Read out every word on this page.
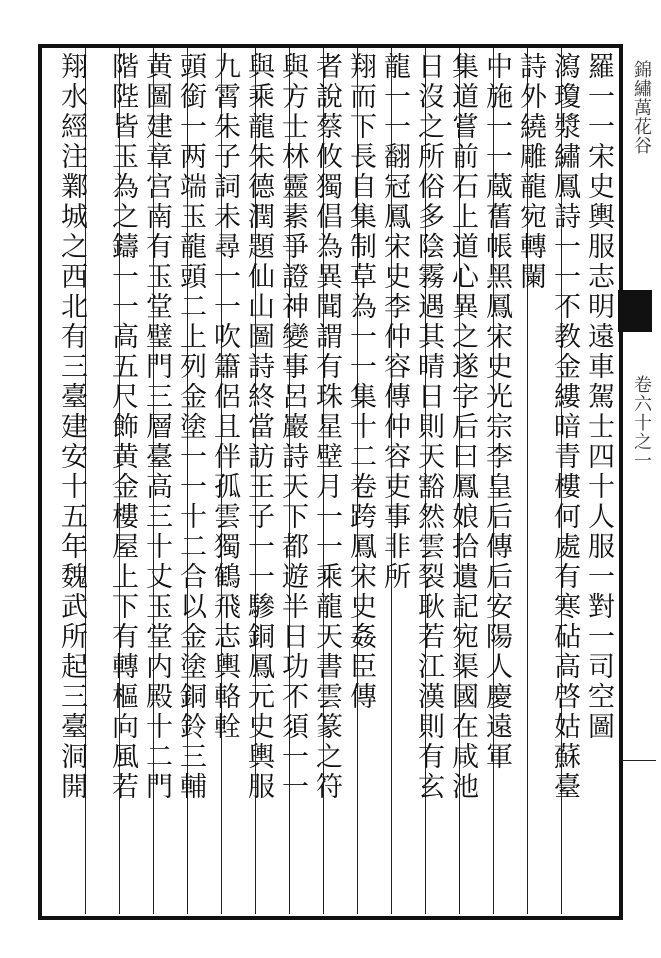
錦繡萬花谷
卷六十之一
羅一一宋史輿服志明遠車駕士四十人服一對一司空圖
瀉瓊漿繡鳳詩一一不教金縷暗青樓何處有寒砧高啓姑蘇臺
詩外繞雕龍宛轉闌
中施一一蔵𦾔帳黑鳳宋史光宗李皇后傳后安陽人慶遠軍
集道嘗前石上道心異之遂字后曰鳳娘拾遺記宛渠國在咸池
日沒之所俗多陰霧遇其晴日則天豁然雲裂耿若江漢則有玄
龍一一翻冠鳳宋史李仲容傳仲容吏事非所
翔而下長自集制草為一一集十二卷跨鳳宋史姦臣傳
者說蔡攸獨倡為異聞謂有珠星壁月一一乘龍天書雲篆之符
與方士林靈素爭證神變事呂巖詩天下都遊半日功不須一一
與乘龍朱德潤題仙山圖詩終當訪王子一一驂銅鳳元史輿服
九霄朱子詞未尋一一吹簫侶且伴孤雲獨鶴飛志輿輅輇
頭銜一两端玉龍頭二上列金塗一一十二合以金塗銅鈴三輔
黄圖建章宫南有玉堂璧門三層臺高三十丈玉堂内殿十二門
階陛皆玉為之鑄一一高五尺飾黄金樓屋上下有轉樞向風若
翔水經注鄴城之西北有三臺建安十五年魏武所起三臺洞開
